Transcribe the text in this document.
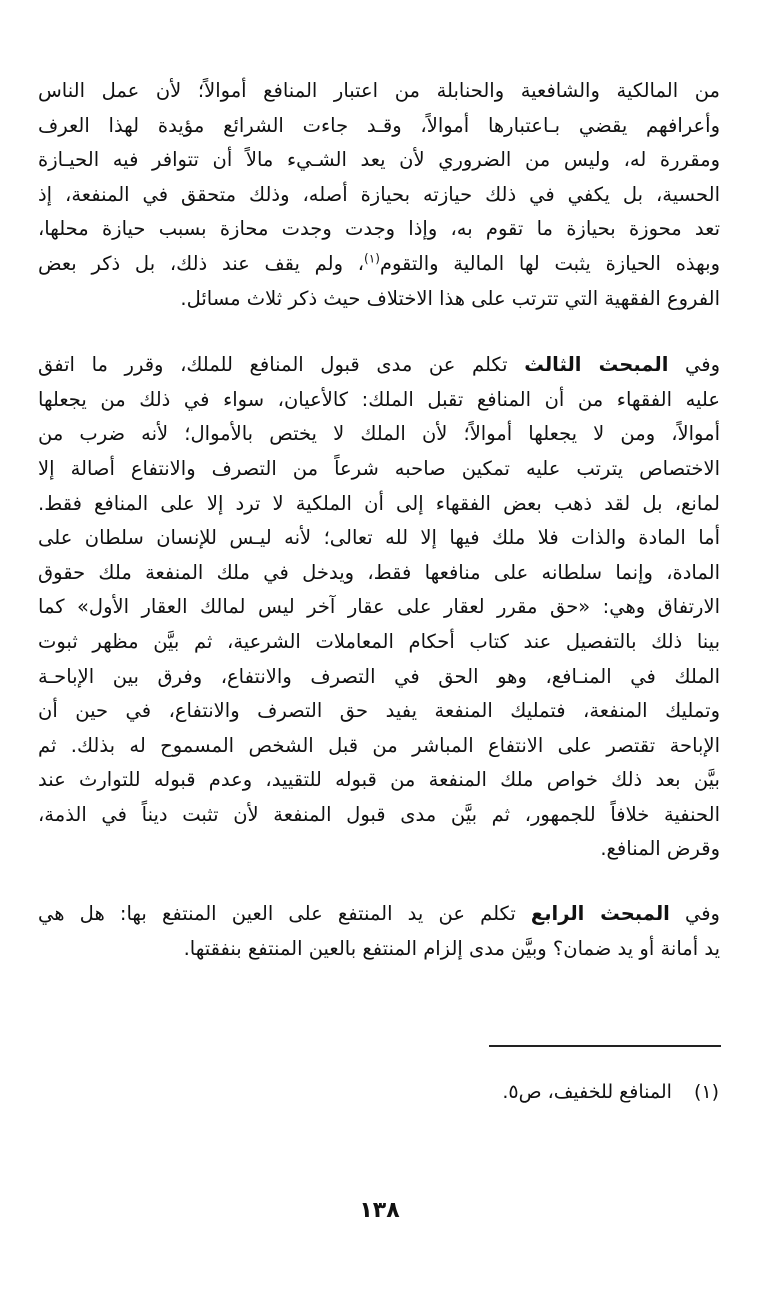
من المالكية والشافعية والحنابلة من اعتبار المنافع أموالاً؛ لأن عمل الناس
وأعرافهم يقضي بـاعتبارها أموالاً، وقـد جاءت الشرائع مؤيدة لهذا العرف
ومقررة له، وليس من الضروري لأن يعد الشـيء مالاً أن تتوافر فيه الحيـازة
الحسية، بل يكفي في ذلك حيازته بحيازة أصله، وذلك متحقق في المنفعة، إذ
تعد محوزة بحيازة ما تقوم به، وإذا وجدت وجدت محازة بسبب حيازة محلها،
وبهذه الحيازة يثبت لها المالية والتقوم$^{(١)}$، ولم يقف عند ذلك، بل ذكر بعض
الفروع الفقهية التي تترتب على هذا الاختلاف حيث ذكر ثلاث مسائل.

وفي المبحث الثالث تكلم عن مدى قبول المنافع للملك، وقرر ما اتفق
عليه الفقهاء من أن المنافع تقبل الملك: كالأعيان، سواء في ذلك من يجعلها
أموالاً، ومن لا يجعلها أموالاً؛ لأن الملك لا يختص بالأموال؛ لأنه ضرب من
الاختصاص يترتب عليه تمكين صاحبه شرعاً من التصرف والانتفاع أصالة إلا
لمانع، بل لقد ذهب بعض الفقهاء إلى أن الملكية لا ترد إلا على المنافع فقط.
أما المادة والذات فلا ملك فيها إلا لله تعالى؛ لأنه ليـس للإنسان سلطان على
المادة، وإنما سلطانه على منافعها فقط، ويدخل في ملك المنفعة ملك حقوق
الارتفاق وهي: «حق مقرر لعقار على عقار آخر ليس لمالك العقار الأول» كما
بينا ذلك بالتفصيل عند كتاب أحكام المعاملات الشرعية، ثم بيَّن مظهر ثبوت
الملك في المنـافع، وهو الحق في التصرف والانتفاع، وفرق بين الإباحـة
وتمليك المنفعة، فتمليك المنفعة يفيد حق التصرف والانتفاع، في حين أن
الإباحة تقتصر على الانتفاع المباشر من قبل الشخص المسموح له بذلك. ثم
بيَّن بعد ذلك خواص ملك المنفعة من قبوله للتقييد، وعدم قبوله للتوارث عند
الحنفية خلافاً للجمهور، ثم بيَّن مدى قبول المنفعة لأن تثبت ديناً في الذمة،
وقرض المنافع.

وفي المبحث الرابع تكلم عن يد المنتفع على العين المنتفع بها: هل هي
يد أمانة أو يد ضمان؟ وبيَّن مدى إلزام المنتفع بالعين المنتفع بنفقتها.

(١)المنافع للخفيف، ص٥.
١٣٨
